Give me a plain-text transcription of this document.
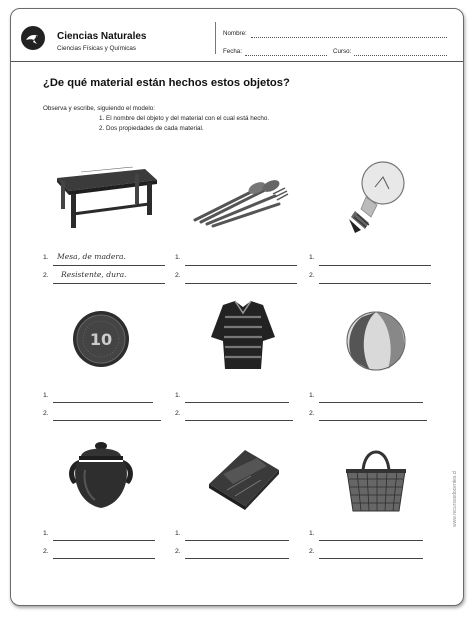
Ciencias Naturales
Ciencias Físicas y Químicas
Nombre:
Fecha:	Curso:
¿De qué material están hechos estos objetos?
Observa y escribe, siguiendo el modelo:
1. El nombre del objeto y del material con el cual está hecho.
2. Dos propiedades de cada material.
1. Mesa, de madera.
2. Resistente, dura.
1.
2.
1.
2.
10
1.
2.
1.
2.
1.
2.
1.
2.
1.
2.
1.
2.
www.recursosdocentes.cl
